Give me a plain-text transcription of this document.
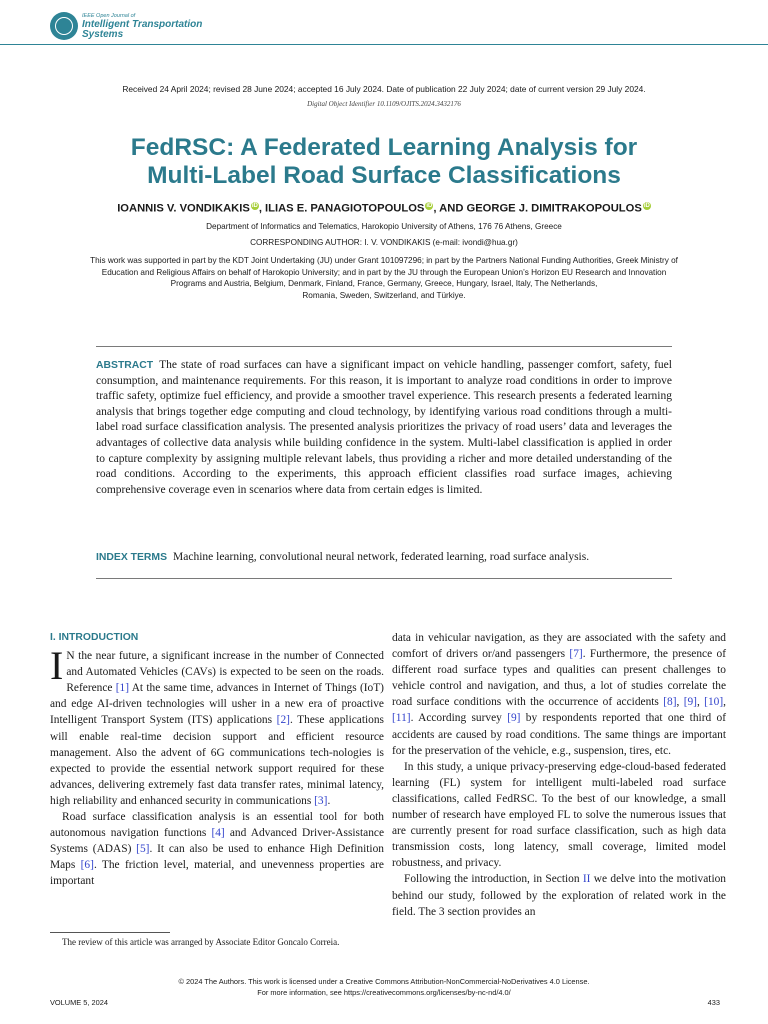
IEEE Open Journal of
Intelligent Transportation
Systems
Received 24 April 2024; revised 28 June 2024; accepted 16 July 2024. Date of publication 22 July 2024; date of current version 29 July 2024.
Digital Object Identifier 10.1109/OJITS.2024.3432176
FedRSC: A Federated Learning Analysis for
Multi-Label Road Surface Classifications
IOANNIS V. VONDIKAKIS iD, ILIAS E. PANAGIOTOPOULOS iD, AND GEORGE J. DIMITRAKOPOULOS iD
Department of Informatics and Telematics, Harokopio University of Athens, 176 76 Athens, Greece
CORRESPONDING AUTHOR: I. V. VONDIKAKIS (e-mail: ivondi@hua.gr)
This work was supported in part by the KDT Joint Undertaking (JU) under Grant 101097296; in part by the Partners National Funding Authorities, Greek Ministry of
Education and Religious Affairs on behalf of Harokopio University; and in part by the JU through the European Union’s Horizon EU Research and Innovation
Programs and Austria, Belgium, Denmark, Finland, France, Germany, Greece, Hungary, Israel, Italy, The Netherlands,
Romania, Sweden, Switzerland, and Türkiye.
ABSTRACT The state of road surfaces can have a significant impact on vehicle handling, passenger comfort, safety, fuel consumption, and maintenance requirements. For this reason, it is important to analyze road conditions in order to improve traffic safety, optimize fuel efficiency, and provide a smoother travel experience. This research presents a federated learning analysis that brings together edge computing and cloud technology, by identifying various road conditions through a multi-label road surface classification analysis. The presented analysis prioritizes the privacy of road users’ data and leverages the advantages of collective data analysis while building confidence in the system. Multi-label classification is applied in order to capture complexity by assigning multiple relevant labels, thus providing a richer and more detailed understanding of the road conditions. According to the experiments, this approach efficient classifies road surface images, achieving comprehensive coverage even in scenarios where data from certain edges is limited.
INDEX TERMS Machine learning, convolutional neural network, federated learning, road surface analysis.
I. INTRODUCTION

I N the near future, a significant increase in the number of Connected and Automated Vehicles (CAVs) is expected to be seen on the roads. Reference [1] At the same time, advances in Internet of Things (IoT) and edge AI-driven technologies will usher in a new era of proactive Intelligent Transport System (ITS) applications [2]. These applications will enable real-time decision support and efficient resource management. Also the advent of 6G communications tech-nologies is expected to provide the essential network support required for these advances, delivering extremely fast data transfer rates, minimal latency, high reliability and enhanced security in communications [3].

Road surface classification analysis is an essential tool for both autonomous navigation functions [4] and Advanced Driver-Assistance Systems (ADAS) [5]. It can also be used to enhance High Definition Maps [6]. The friction level, material, and unevenness properties are important

data in vehicular navigation, as they are associated with the safety and comfort of drivers or/and passengers [7]. Furthermore, the presence of different road surface types and qualities can present challenges to vehicle control and navigation, and thus, a lot of studies correlate the road surface conditions with the occurrence of accidents [8], [9], [10], [11]. According survey [9] by respondents reported that one third of accidents are caused by road conditions. The same things are important for the preservation of the vehicle, e.g., suspension, tires, etc.

In this study, a unique privacy-preserving edge-cloud-based federated learning (FL) system for intelligent multi-labeled road surface classifications, called FedRSC. To the best of our knowledge, a small number of research have employed FL to solve the numerous issues that are currently present for road surface classification, such as high data transmission costs, long latency, small coverage, limited model robustness, and privacy.

Following the introduction, in Section II we delve into the motivation behind our study, followed by the exploration of related work in the field. The 3 section provides an

The review of this article was arranged by Associate Editor Goncalo Correia.

© 2024 The Authors. This work is licensed under a Creative Commons Attribution-NonCommercial-NoDerivatives 4.0 License.
For more information, see https://creativecommons.org/licenses/by-nc-nd/4.0/
VOLUME 5, 2024	433
